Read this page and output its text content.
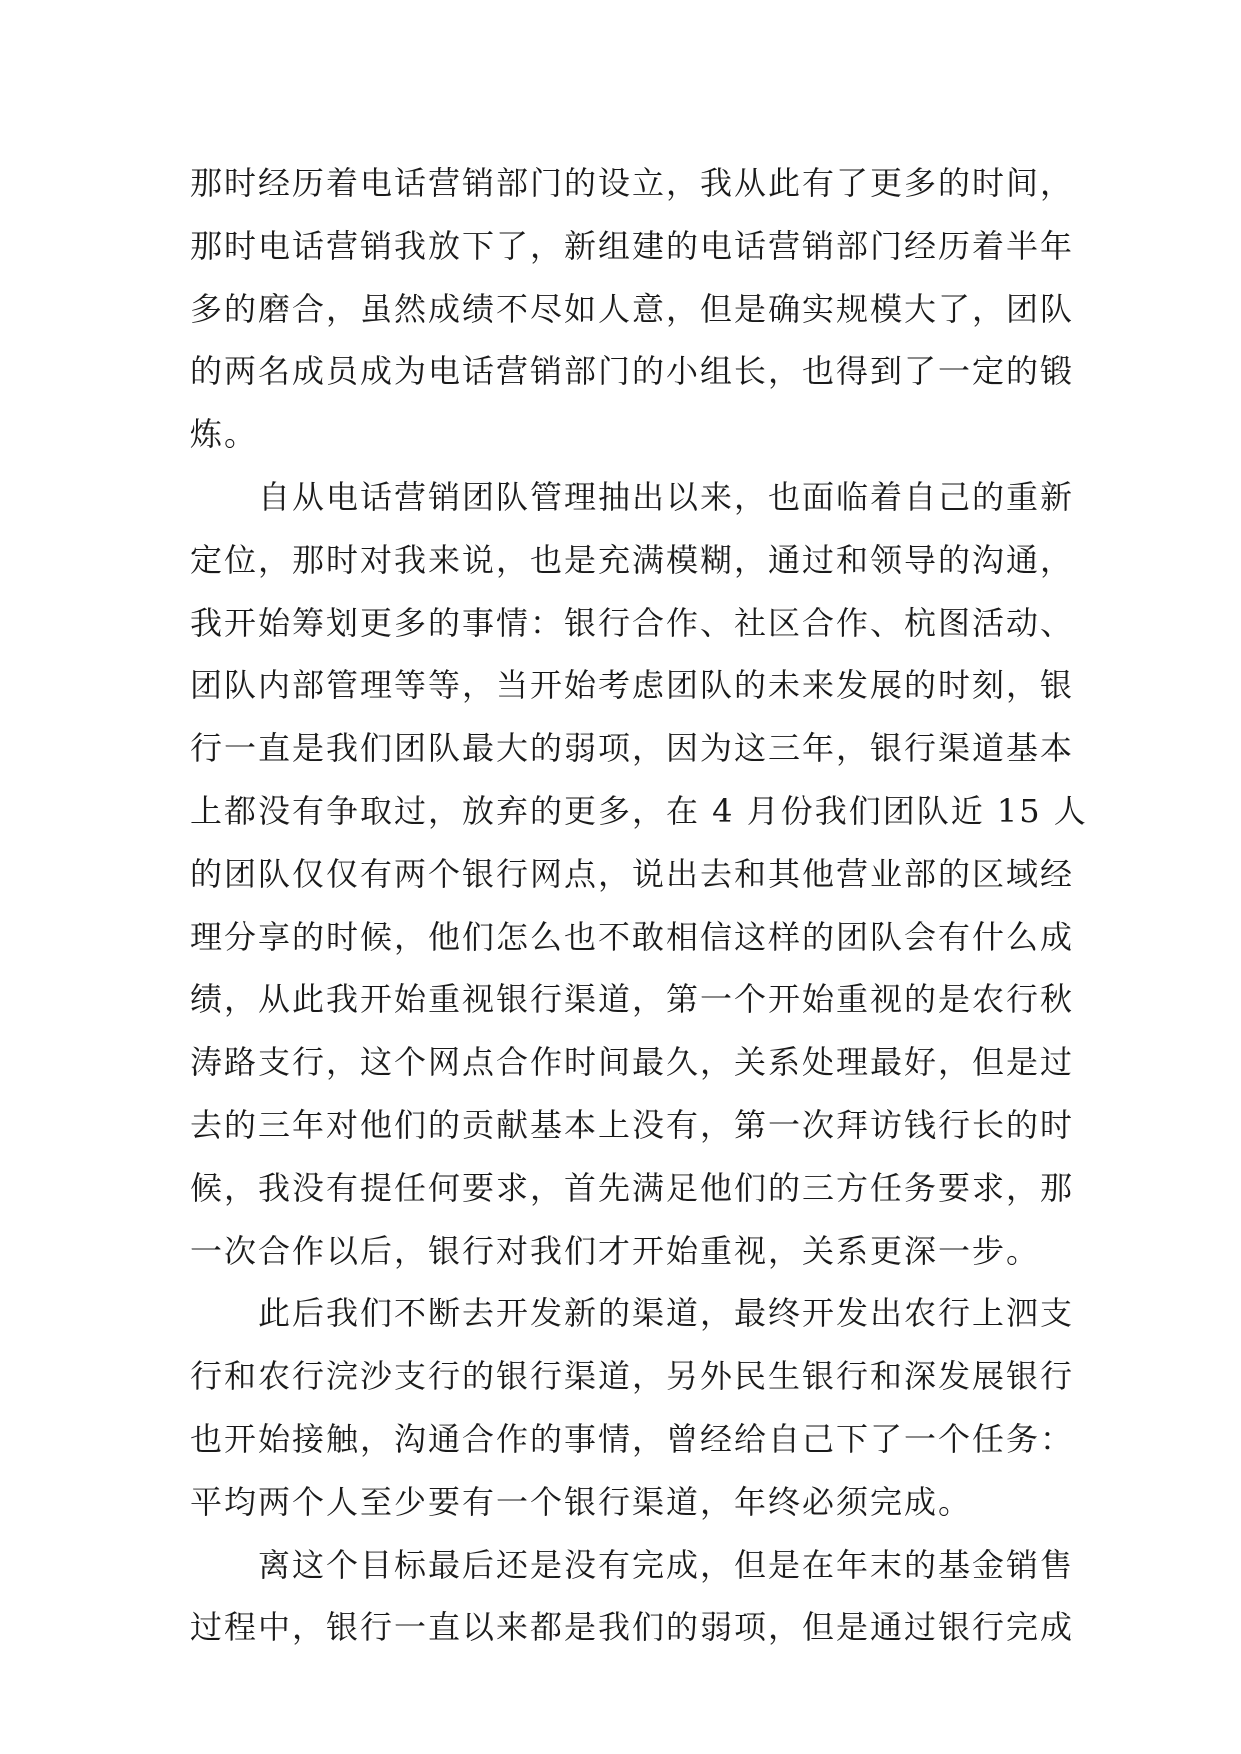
那时经历着电话营销部门的设立，我从此有了更多的时间，
那时电话营销我放下了，新组建的电话营销部门经历着半年
多的磨合，虽然成绩不尽如人意，但是确实规模大了，团队
的两名成员成为电话营销部门的小组长，也得到了一定的锻
炼。
自从电话营销团队管理抽出以来，也面临着自己的重新
定位，那时对我来说，也是充满模糊，通过和领导的沟通，
我开始筹划更多的事情：银行合作、社区合作、杭图活动、
团队内部管理等等，当开始考虑团队的未来发展的时刻，银
行一直是我们团队最大的弱项，因为这三年，银行渠道基本
上都没有争取过，放弃的更多，在 4 月份我们团队近 15 人
的团队仅仅有两个银行网点，说出去和其他营业部的区域经
理分享的时候，他们怎么也不敢相信这样的团队会有什么成
绩，从此我开始重视银行渠道，第一个开始重视的是农行秋
涛路支行，这个网点合作时间最久，关系处理最好，但是过
去的三年对他们的贡献基本上没有，第一次拜访钱行长的时
候，我没有提任何要求，首先满足他们的三方任务要求，那
一次合作以后，银行对我们才开始重视，关系更深一步。
此后我们不断去开发新的渠道，最终开发出农行上泗支
行和农行浣沙支行的银行渠道，另外民生银行和深发展银行
也开始接触，沟通合作的事情，曾经给自己下了一个任务：
平均两个人至少要有一个银行渠道，年终必须完成。
离这个目标最后还是没有完成，但是在年末的基金销售
过程中，银行一直以来都是我们的弱项，但是通过银行完成
